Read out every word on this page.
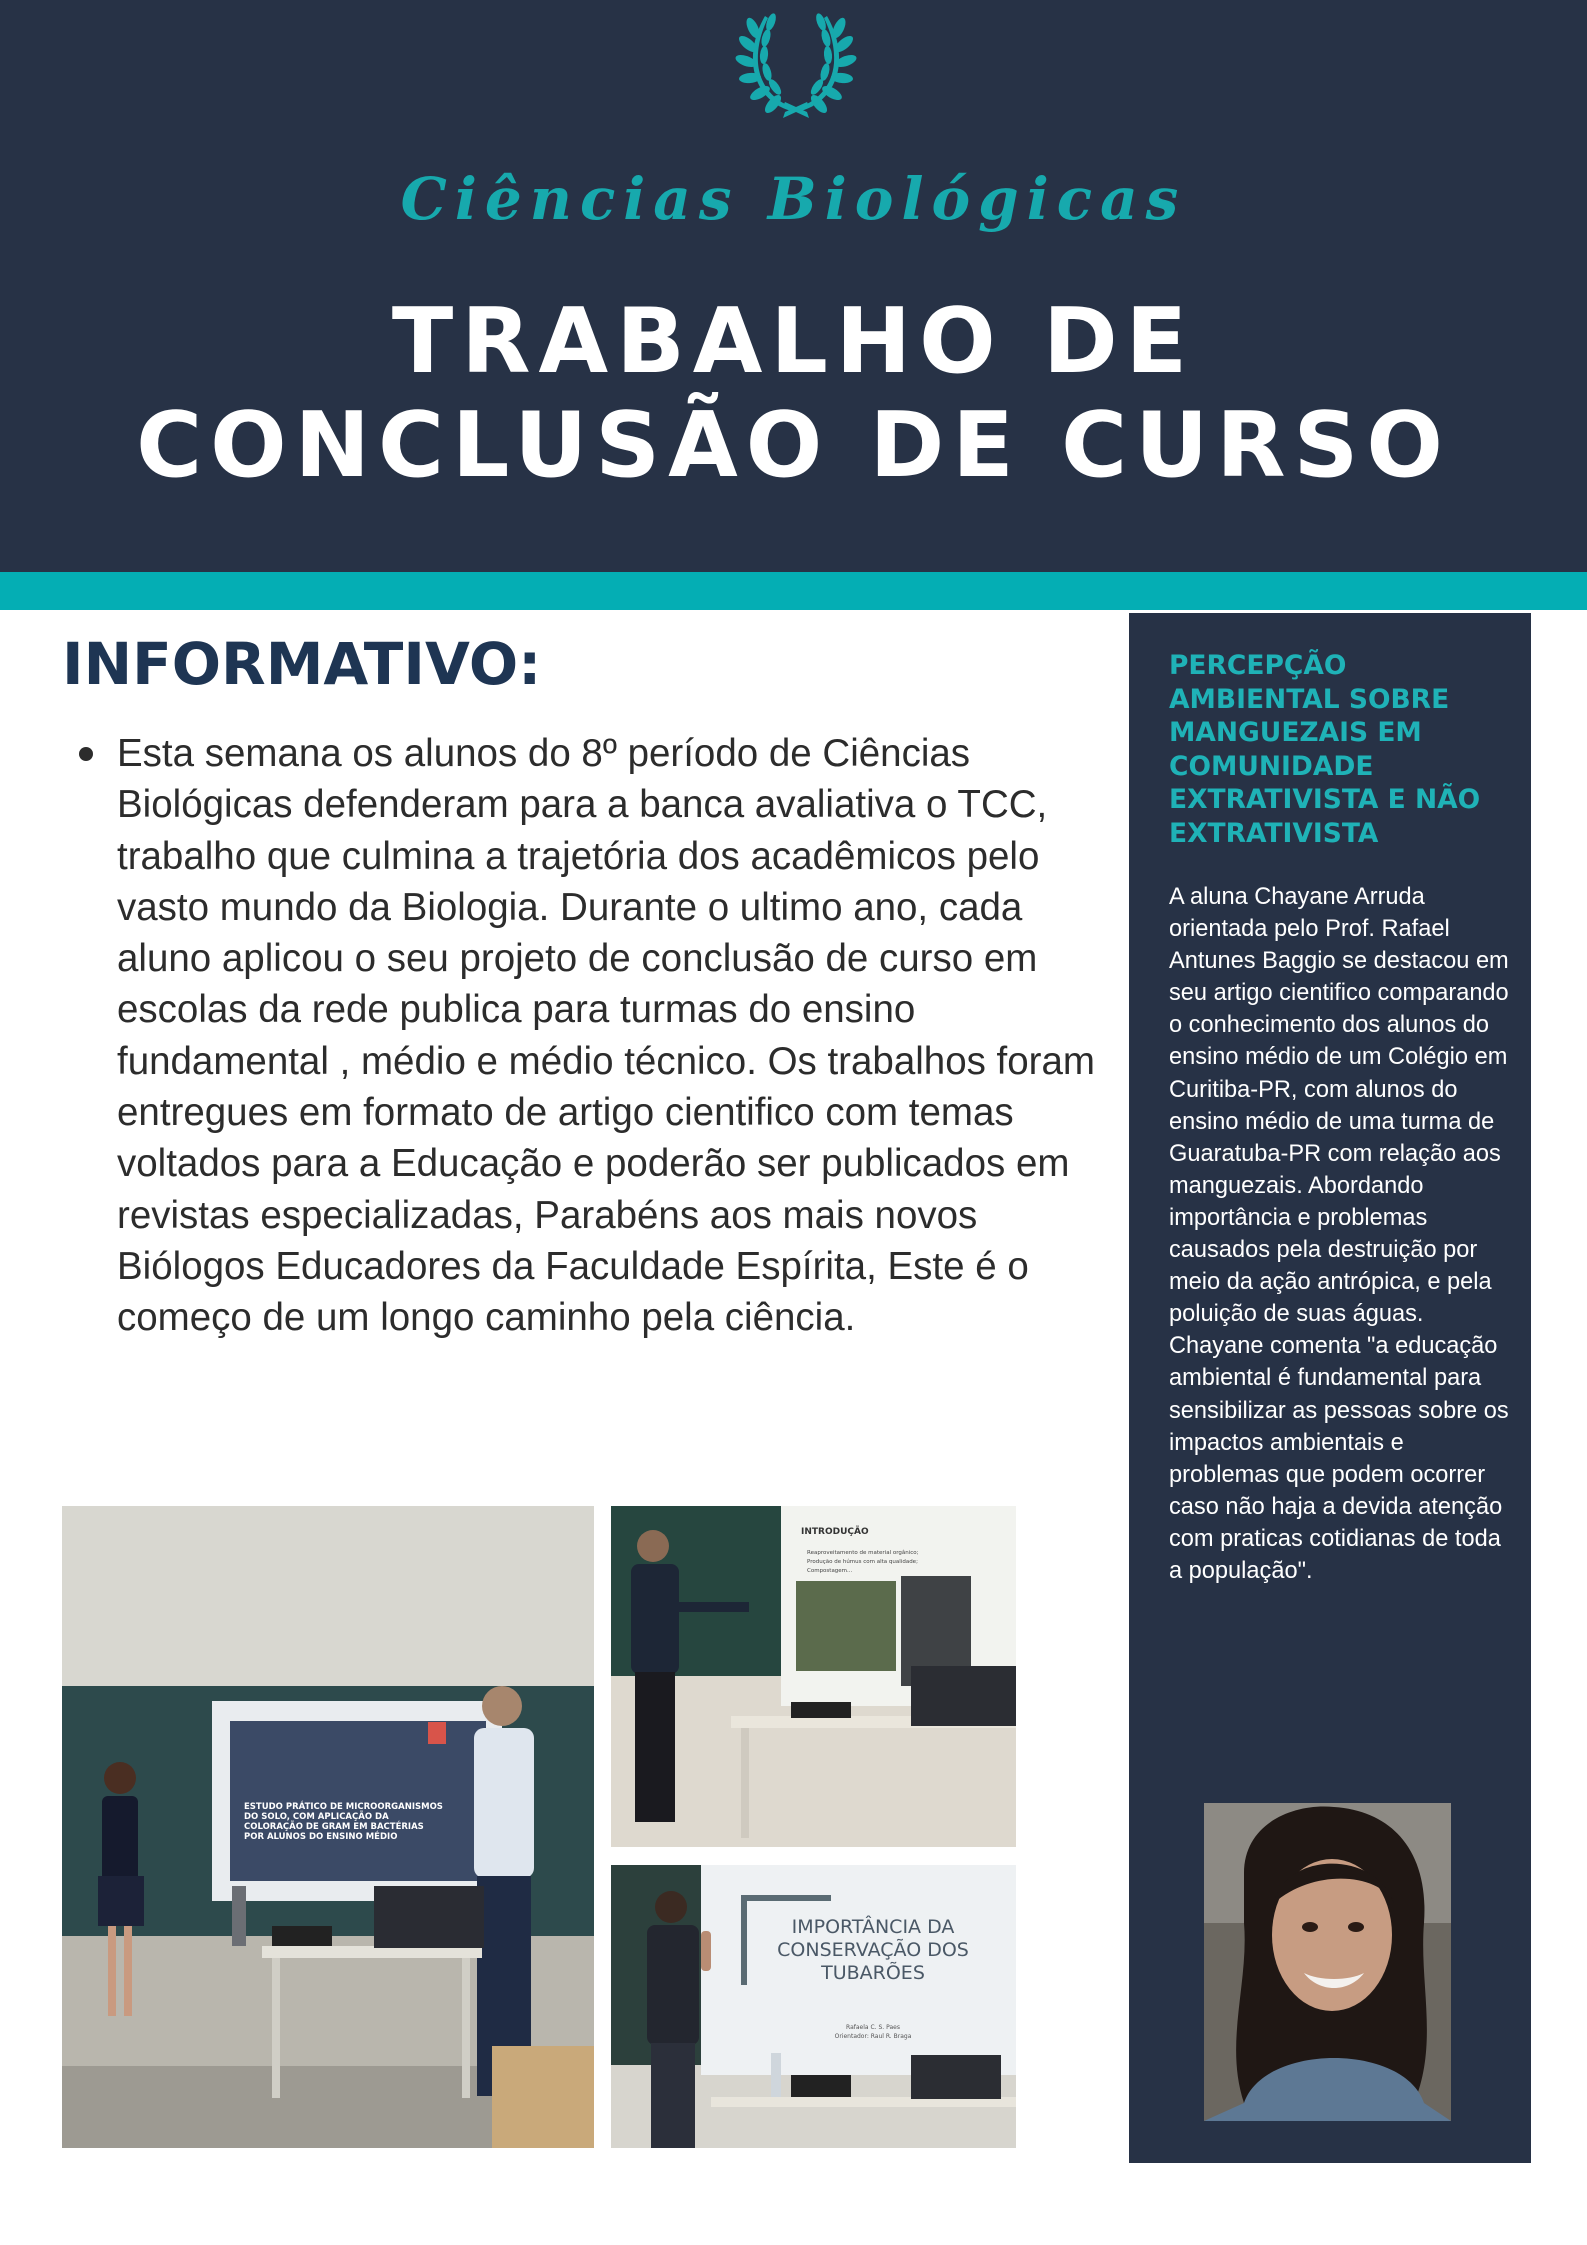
Ciências Biológicas
TRABALHO DE
CONCLUSÃO DE CURSO
INFORMATIVO:
Esta semana os alunos do 8º período de Ciências Biológicas defenderam para a banca avaliativa o TCC, trabalho que culmina a trajetória dos acadêmicos pelo vasto mundo da Biologia. Durante o ultimo ano, cada aluno aplicou o seu projeto de conclusão de curso em escolas da rede publica para turmas do ensino fundamental , médio e médio técnico. Os trabalhos foram entregues em formato de artigo cientifico com temas voltados para a Educação e poderão ser publicados em revistas especializadas, Parabéns aos mais novos Biólogos Educadores da Faculdade Espírita, Este é o começo de um longo caminho pela ciência.
ESTUDO PRÁTICO DE MICROORGANISMOS
DO SOLO, COM APLICAÇÃO DA
COLORAÇÃO DE GRAM EM BACTÉRIAS
POR ALUNOS DO ENSINO MÉDIO
INTRODUÇÃO
Reaproveitamento de material orgânico;
Produção de húmus com alta qualidade;
Compostagem...
IMPORTÂNCIA DA
CONSERVAÇÃO DOS
TUBARÕES
Rafaela C. S. Paes
Orientador: Raul R. Braga
PERCEPÇÃO AMBIENTAL SOBRE MANGUEZAIS EM COMUNIDADE EXTRATIVISTA E NÃO EXTRATIVISTA
A aluna Chayane Arruda orientada pelo Prof. Rafael Antunes Baggio se destacou em seu artigo cientifico comparando o conhecimento dos alunos do ensino médio de um Colégio em Curitiba-PR, com alunos do ensino médio de uma turma de Guaratuba-PR com relação aos manguezais. Abordando importância e problemas causados pela destruição por meio da ação antrópica, e pela poluição de suas águas. Chayane comenta "a educação ambiental é fundamental para sensibilizar as pessoas sobre os impactos ambientais e problemas que podem ocorrer caso não haja a devida atenção com praticas cotidianas de toda a população".
